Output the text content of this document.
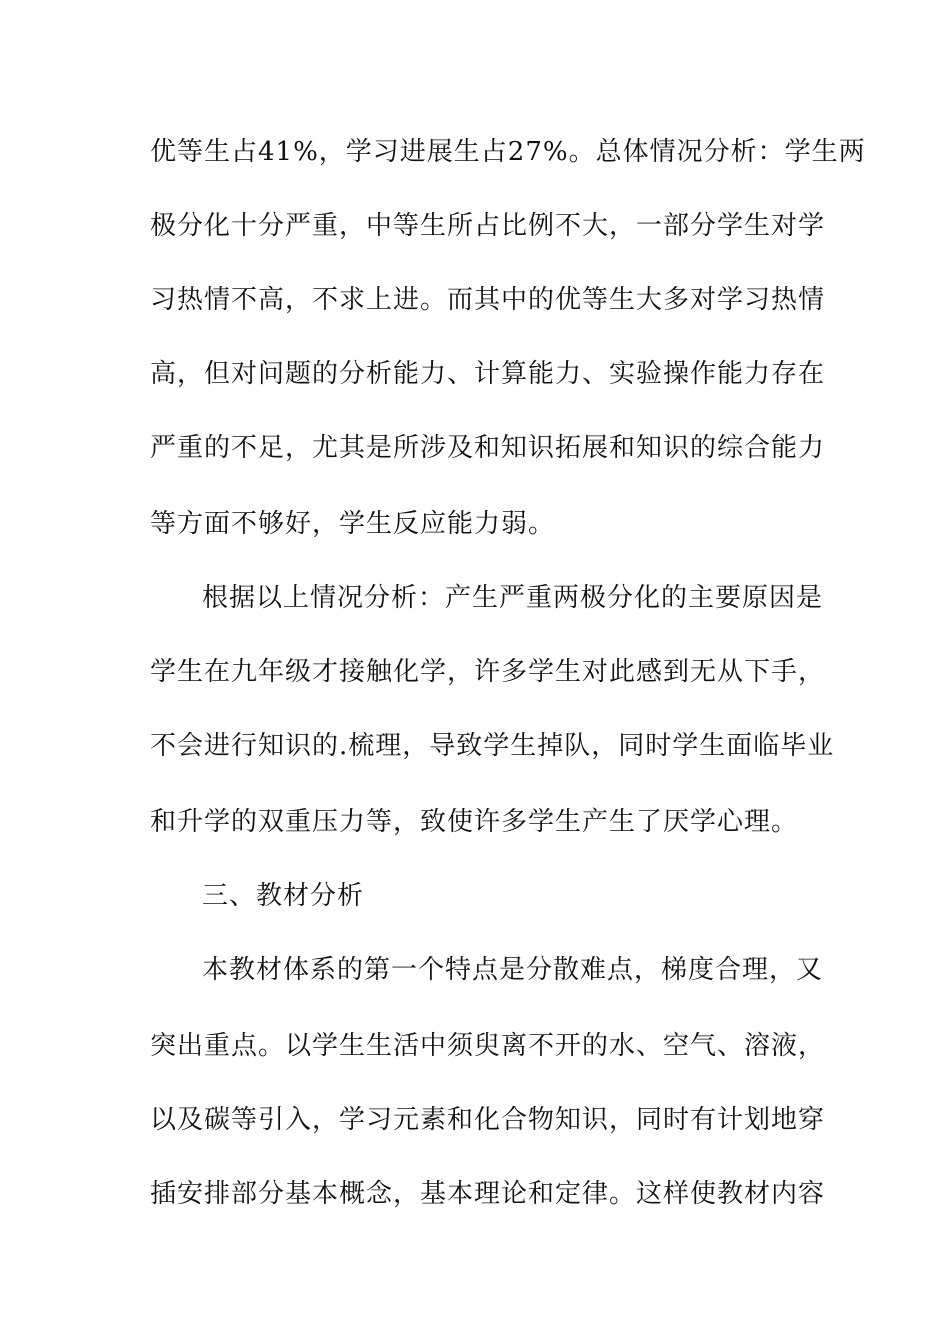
优等生占41%，学习进展生占27%。总体情况分析：学生两
极分化十分严重，中等生所占比例不大，一部分学生对学
习热情不高，不求上进。而其中的优等生大多对学习热情
高，但对问题的分析能力、计算能力、实验操作能力存在
严重的不足，尤其是所涉及和知识拓展和知识的综合能力
等方面不够好，学生反应能力弱。
根据以上情况分析：产生严重两极分化的主要原因是
学生在九年级才接触化学，许多学生对此感到无从下手，
不会进行知识的.梳理，导致学生掉队，同时学生面临毕业
和升学的双重压力等，致使许多学生产生了厌学心理。
三、教材分析
本教材体系的第一个特点是分散难点，梯度合理，又
突出重点。以学生生活中须臾离不开的水、空气、溶液，
以及碳等引入，学习元素和化合物知识，同时有计划地穿
插安排部分基本概念，基本理论和定律。这样使教材内容
